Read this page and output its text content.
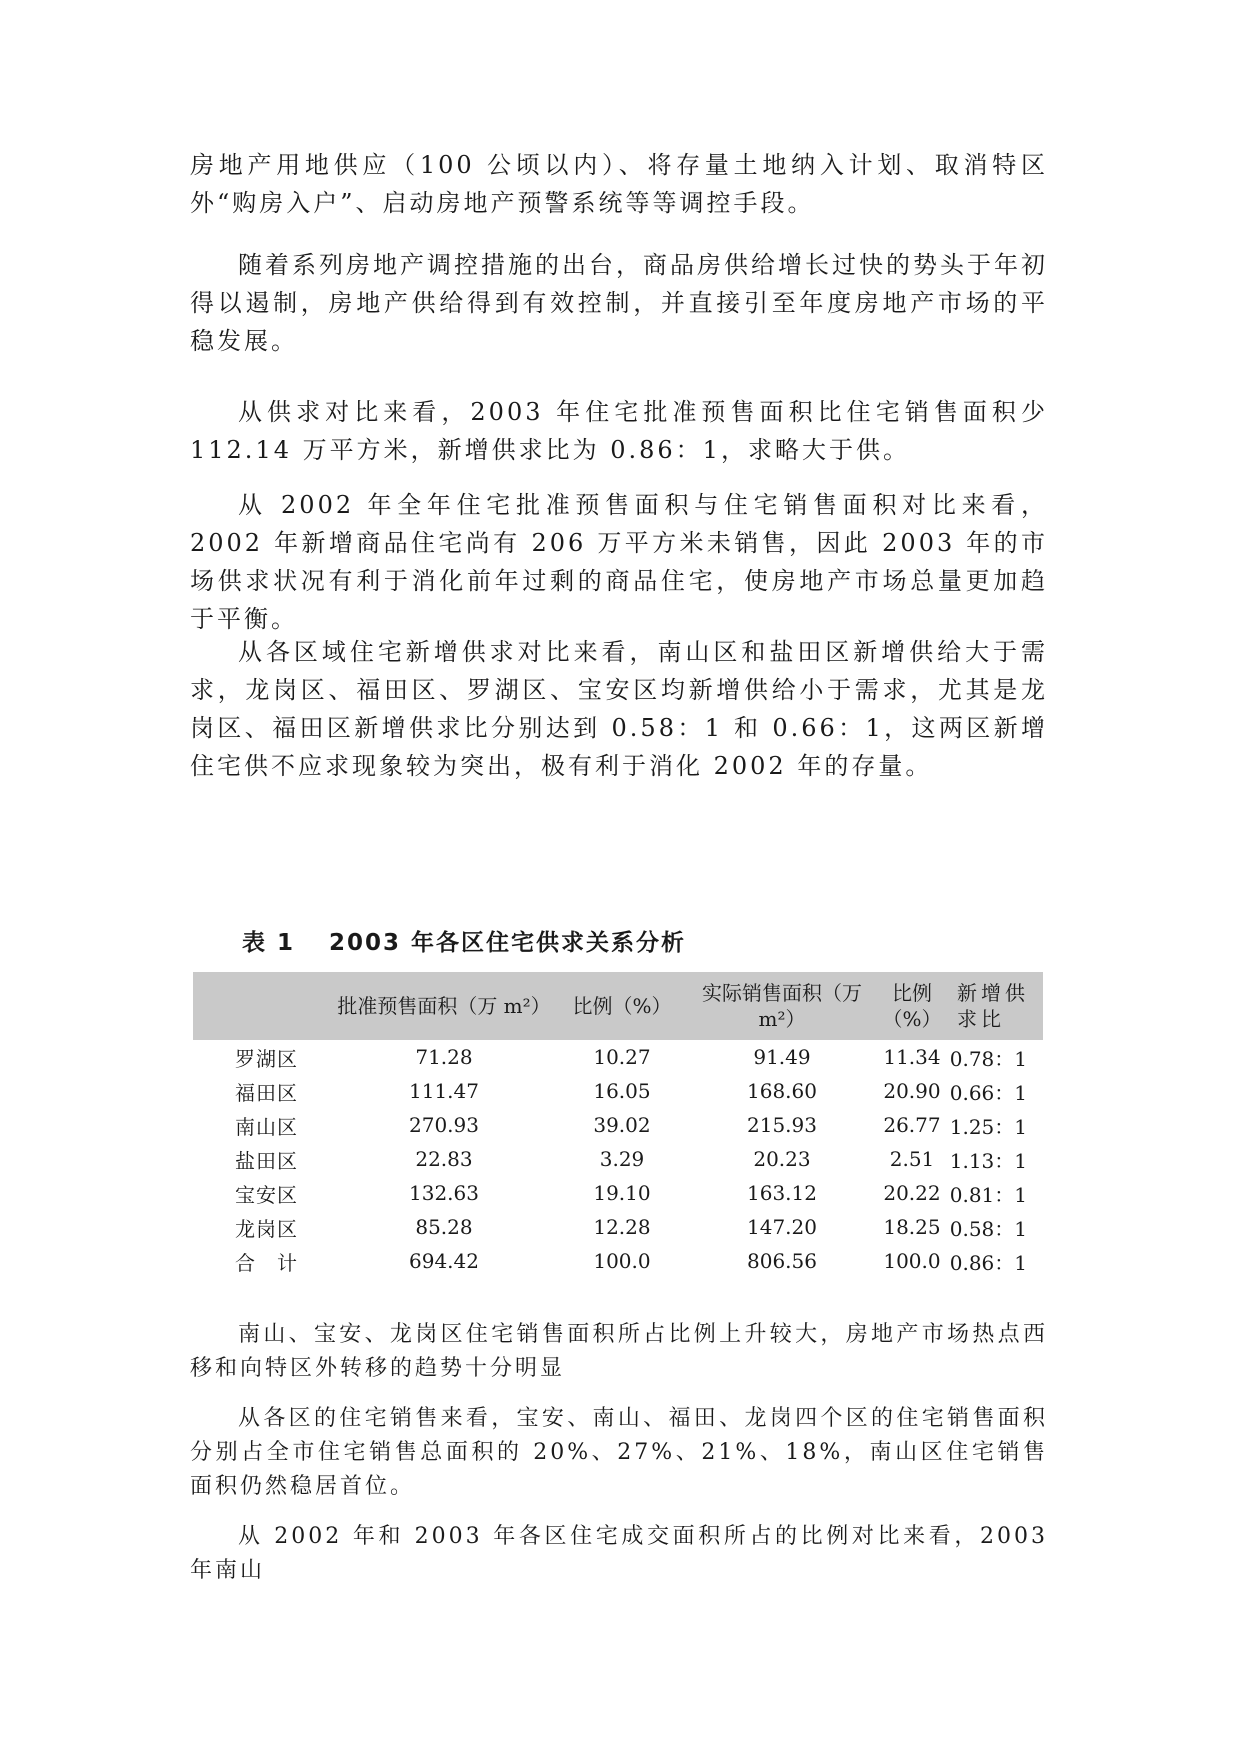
房地产用地供应（100 公顷以内）、将存量土地纳入计划、取消特区外“购房入户”、启动房地产预警系统等等调控手段。

随着系列房地产调控措施的出台，商品房供给增长过快的势头于年初得以遏制，房地产供给得到有效控制，并直接引至年度房地产市场的平稳发展。

从供求对比来看，2003 年住宅批准预售面积比住宅销售面积少 112.14 万平方米，新增供求比为 0.86：1，求略大于供。

从 2002 年全年住宅批准预售面积与住宅销售面积对比来看，2002 年新增商品住宅尚有 206 万平方米未销售，因此 2003 年的市场供求状况有利于消化前年过剩的商品住宅，使房地产市场总量更加趋于平衡。

从各区域住宅新增供求对比来看，南山区和盐田区新增供给大于需求，龙岗区、福田区、罗湖区、宝安区均新增供给小于需求，尤其是龙岗区、福田区新增供求比分别达到 0.58：1 和 0.66：1，这两区新增住宅供不应求现象较为突出，极有利于消化 2002 年的存量。

表 1 2003 年各区住宅供求关系分析
	批准预售面积（万 m²）	比例（%）	实际销售面积（万 m²）	比例（%）	新增供求比
罗湖区	71.28	10.27	91.49	11.34	0.78：1
福田区	111.47	16.05	168.60	20.90	0.66：1
南山区	270.93	39.02	215.93	26.77	1.25：1
盐田区	22.83	3.29	20.23	2.51	1.13：1
宝安区	132.63	19.10	163.12	20.22	0.81：1
龙岗区	85.28	12.28	147.20	18.25	0.58：1
合　计	694.42	100.0	806.56	100.0	0.86：1

南山、宝安、龙岗区住宅销售面积所占比例上升较大，房地产市场热点西移和向特区外转移的趋势十分明显

从各区的住宅销售来看，宝安、南山、福田、龙岗四个区的住宅销售面积分别占全市住宅销售总面积的 20%、27%、21%、18%，南山区住宅销售面积仍然稳居首位。

从 2002 年和 2003 年各区住宅成交面积所占的比例对比来看，2003 年南山
